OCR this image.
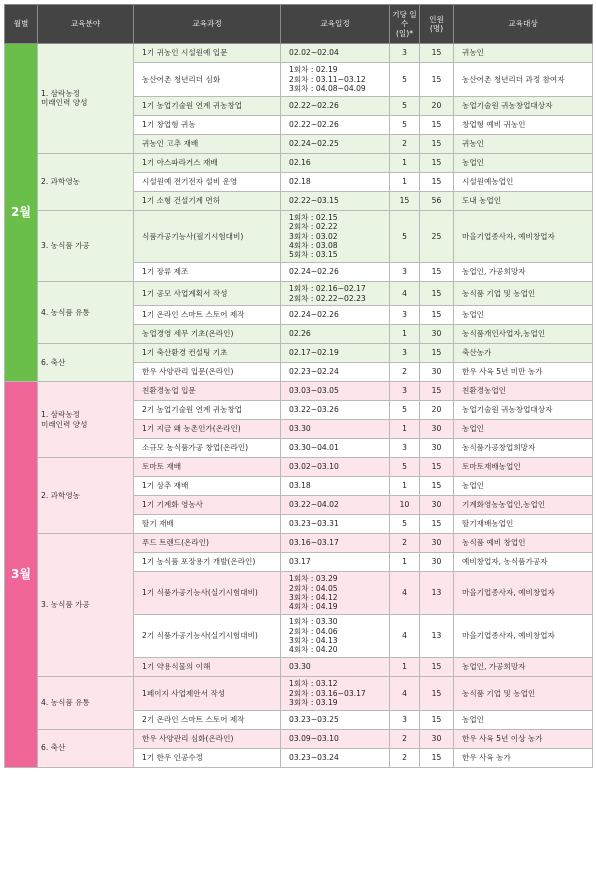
월별	교육분야	교육과정	교육일정	기당 일수 (일)*	인원 (명)	교육대상
2월	1. 삼락농정
미래인력 양성	1기 귀농인 시설원예 입문	02.02~02.04	3	15	귀농인
		농산어촌 청년리더 심화	1회차 : 02.19
2회차 : 03.11~03.12
3회차 : 04.08~04.09	5	15	농산어촌 청년리더 과정 참여자
		1기 농업기술원 연계 귀농창업	02.22~02.26	5	20	농업기술원 귀농창업대상자
		1기 창업형 귀농	02.22~02.26	5	15	창업형 예비 귀농인
		귀농인 고추 재배	02.24~02.25	2	15	귀농인

	2. 과학영농	1기 아스파라거스 재배	02.16	1	15	농업인
		시설원예 전기전자 설비 운영	02.18	1	15	시설원예농업인
		1기 소형 건설기계 면허	02.22~03.15	15	56	도내 농업인

	3. 농식품 가공	식품가공기능사(필기시험대비)	1회차 : 02.15
2회차 : 02.22
3회차 : 03.02
4회차 : 03.08
5회차 : 03.15	5	25	마을기업종사자, 예비창업자
		1기 장류 제조	02.24~02.26	3	15	농업인, 가공희망자

	4. 농식품 유통	1기 공모 사업계획서 작성	1회차 : 02.16~02.17
2회차 : 02.22~02.23	4	15	농식품 기업 및 농업인
		1기 온라인 스마트 스토어 제작	02.24~02.26	3	15	농업인
		농업경영 세무 기초(온라인)	02.26	1	30	농식품개인사업자,농업인

	6. 축산	1기 축산환경 컨설팅 기초	02.17~02.19	3	15	축산농가
		한우 사양관리 입문(온라인)	02.23~02.24	2	30	한우 사육 5년 미만 농가
3월	1. 삼락농정
미래인력 양성	친환경농업 입문	03.03~03.05	3	15	친환경농업인
		2기 농업기술원 연계 귀농창업	03.22~03.26	5	20	농업기술원 귀농창업대상자
		1기 지금 왜 농촌인가(온라인)	03.30	1	30	농업인
		소규모 농식품가공 창업(온라인)	03.30~04.01	3	30	농식품가공창업희망자

	2. 과학영농	토마토 재배	03.02~03.10	5	15	토마토재배농업인
		1기 상추 재배	03.18	1	15	농업인
		1기 기계화 영농사	03.22~04.02	10	30	기계화영농농업인,농업인
		딸기 재배	03.23~03.31	5	15	딸기재배농업인

	3. 농식품 가공	푸드 트렌드(온라인)	03.16~03.17	2	30	농식품 예비 창업인
		1기 농식품 포장용기 개발(온라인)	03.17	1	30	예비창업자, 농식품가공자
		1기 식품가공기능사(실기시험대비)	1회차 : 03.29
2회차 : 04.05
3회차 : 04.12
4회차 : 04.19	4	13	마을기업종사자, 예비창업자
		2기 식품가공기능사(실기시험대비)	1회차 : 03.30
2회차 : 04.06
3회차 : 04.13
4회차 : 04.20	4	13	마을기업종사자, 예비창업자
		1기 약용식물의 이해	03.30	1	15	농업인, 가공희망자

	4. 농식품 유통	1페이지 사업제안서 작성	1회차 : 03.12
2회차 : 03.16~03.17
3회차 : 03.19	4	15	농식품 기업 및 농업인
		2기 온라인 스마트 스토어 제작	03.23~03.25	3	15	농업인

	6. 축산	한우 사양관리 심화(온라인)	03.09~03.10	2	30	한우 사육 5년 이상 농가
		1기 한우 인공수정	03.23~03.24	2	15	한우 사육 농가
